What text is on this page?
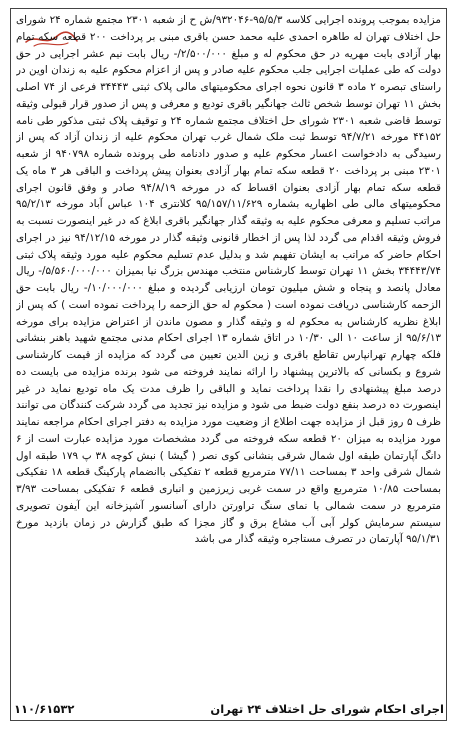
مزایده بموجب پرونده اجرایی کلاسه ۹۵/۵/۳-۹۳۲۰۴۶/ش ح از شعبه ۲۳۰۱ مجتمع شماره ۲۴ شورای حل اختلاف تهران له طاهره احمدی علیه محمد حسن باقری مبنی بر پرداخت ۲۰۰ قطعه سکه تمام بهار آزادی بابت مهریه در حق محکوم له و مبلغ ۲/۵۰۰/۰۰۰/- ریال بابت نیم عشر اجرایی در حق دولت که طی عملیات اجرایی جلب محکوم علیه صادر و پس از اعزام محکوم علیه به زندان اوین در راستای تبصره ۲ ماده ۳ قانون نحوه اجرای محکومیتهای مالی پلاک ثبتی ۳۴۴۴۳ فرعی از ۷۴ اصلی بخش ۱۱ تهران توسط شخص ثالث جهانگیر باقری تودیع و معرفی و پس از صدور قرار قبولی وثیقه توسط قاضی شعبه ۲۳۰۱ شورای حل اختلاف مجتمع شماره ۲۴ و توقیف پلاک ثبتی مذکور طی نامه ۴۴۱۵۲ مورخه ۹۴/۷/۲۱ توسط ثبت ملک شمال غرب تهران محکوم علیه از زندان آزاد که پس از رسیدگی به دادخواست اعسار محکوم علیه و صدور دادنامه طی پرونده شماره ۹۴۰۷۹۸ از شعبه ۲۳۰۱ مبنی بر پرداخت ۲۰ قطعه سکه تمام بهار آزادی بعنوان پیش پرداخت و الباقی هر ۳ ماه یک قطعه سکه تمام بهار آزادی بعنوان اقساط که در مورخه ۹۴/۸/۱۹ صادر و وفق قانون اجرای محکومیتهای مالی طی اظهاریه بشماره ۹۵/۱۵۷/۱۱/۶۲۹ کلانتری ۱۰۴ عباس آباد مورخه ۹۵/۲/۱۳ مراتب تسلیم و معرفی محکوم علیه به وثیقه گذار جهانگیر باقری ابلاغ که در غیر اینصورت نسبت به فروش وثیقه اقدام می گردد لذا پس از اخطار قانونی وثیقه گذار در مورخه ۹۴/۱۲/۱۵ نیز در اجرای احکام حاضر که مراتب به ایشان تفهیم شد و بدلیل عدم تسلیم محکوم علیه مورد وثیقه پلاک ثبتی ۳۴۴۴۳/۷۴ بخش ۱۱ تهران توسط کارشناس منتخب مهندس بزرگ نیا بمیزان ۵/۵۶۰/۰۰۰/۰۰۰/- ریال معادل پانصد و پنجاه و شش میلیون تومان ارزیابی گردیده و مبلغ ۱۰/۰۰۰/۰۰۰/- ریال بابت حق الزحمه کارشناسی دریافت نموده است ( محکوم له حق الزحمه را پرداخت نموده است ) که پس از ابلاغ نظریه کارشناس به محکوم له و وثیقه گذار و مصون ماندن از اعتراض مزایده برای مورخه ۹۵/۶/۱۳ از ساعت ۱۰ الی ۱۰/۳۰ در اتاق شماره ۱۳ اجرای احکام مدنی مجتمع شهید باهنر بنشانی فلکه چهارم تهرانپارس تقاطع باقری و زین الدین تعیین می گردد که مزایده از قیمت کارشناسی شروع و بکسانی که بالاترین پیشنهاد را ارائه نمایند فروخته می شود برنده مزایده می بایست ده درصد مبلغ پیشنهادی را نقدا پرداخت نماید و الباقی را ظرف مدت یک ماه تودیع نماید در غیر اینصورت ده درصد بنفع دولت ضبط می شود و مزایده نیز تجدید می گردد شرکت کنندگان می توانند ظرف ۵ روز قبل از مزایده جهت اطلاع از وضعیت مورد مزایده به دفتر اجرای احکام مراجعه نمایند مورد مزایده به میزان ۲۰ قطعه سکه فروخته می گردد مشخصات مورد مزایده عبارت است از ۶ دانگ آپارتمان طبقه اول شمال شرقی بنشانی کوی نصر ( گیشا ) نبش کوچه ۳۸ پ ۱۷۹ طبقه اول شمال شرقی واحد ۳ بمساحت ۷۷/۱۱ مترمربع قطعه ۲ تفکیکی باانضمام پارکینگ قطعه ۱۸ تفکیکی بمساحت ۱۰/۸۵ مترمربع واقع در سمت غربی زیرزمین و انباری قطعه ۶ تفکیکی بمساحت ۳/۹۳ مترمربع در سمت شمالی با نمای سنگ تراورتن دارای آسانسور آشپزخانه این آیفون تصویری سیستم سرمایش کولر آبی آب مشاع برق و گاز مجزا که طبق گزارش در زمان بازدید مورخ ۹۵/۱/۳۱ آپارتمان در تصرف مستاجره وثیقه گذار می باشد

۱۱۰/۶۱۵۳۲	اجرای احکام شورای حل اختلاف ۲۴ تهران
